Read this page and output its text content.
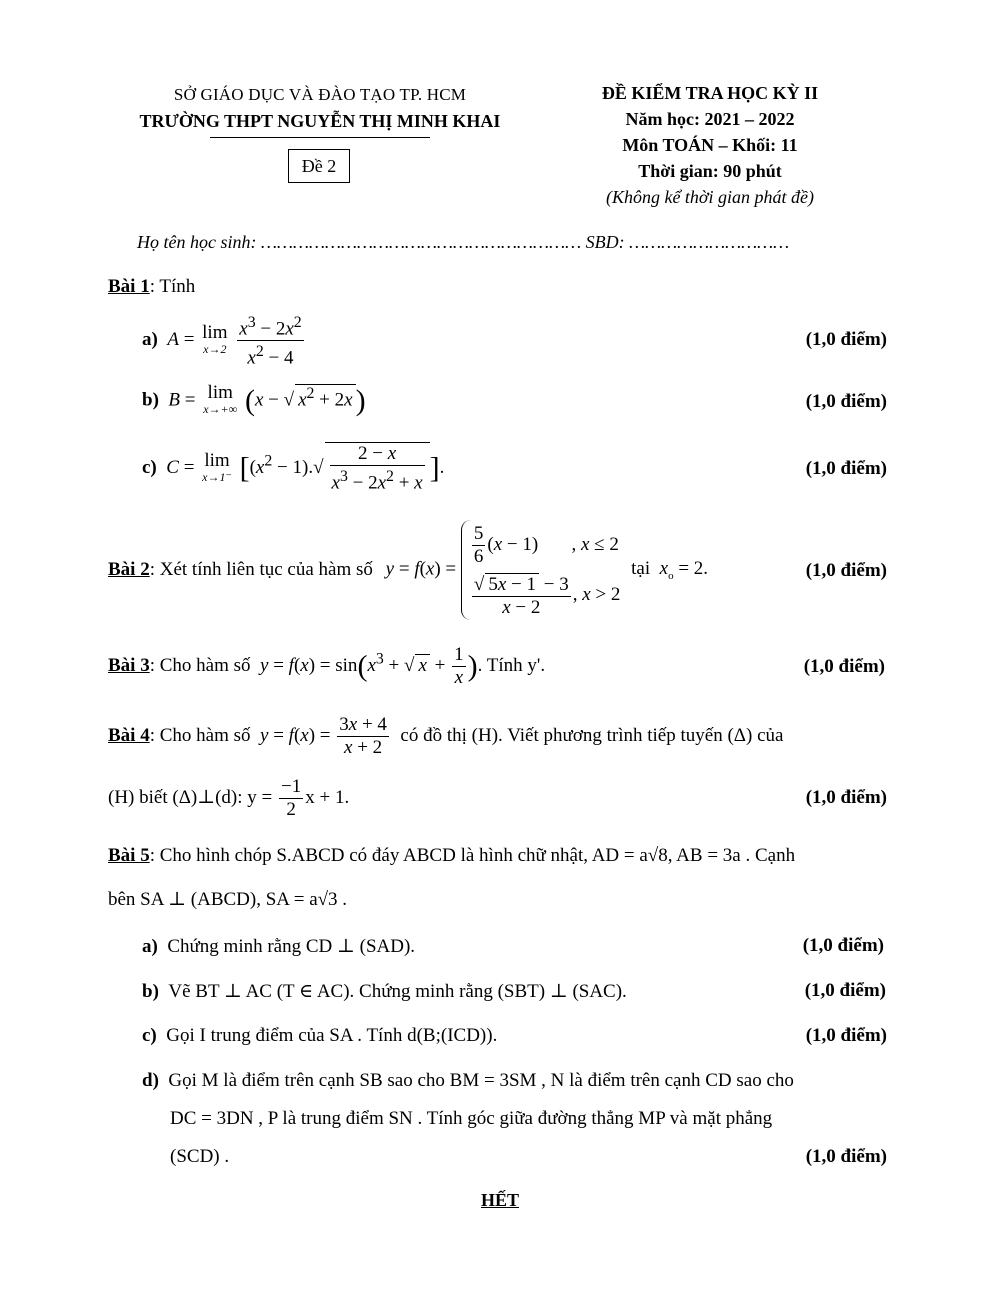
SỞ GIÁO DỤC VÀ ĐÀO TẠO TP. HCM
TRƯỜNG THPT NGUYỄN THỊ MINH KHAI
Đề 2
ĐỀ KIỂM TRA HỌC KỲ II
Năm học: 2021 – 2022
Môn TOÁN – Khối: 11
Thời gian: 90 phút
(Không kể thời gian phát đề)
Họ tên học sinh: …………………………………………………… SBD: …………………………
Bài 1: Tính
a) A = lim
x→2
$\frac{x^3 - 2x^2}{x^2 - 4}$	(1,0 điểm)
b) B = lim
x→+∞ (x − √ $x^2 + 2x$ )	(1,0 điểm)
c) C = lim
x→1⁻ [$(x^2 - 1).√ \frac{2 - x}{x^3 - 2x^2 + x}$ ].	(1,0 điểm)
Bài 2: Xét tính liên tục của hàm số y = f(x) =
$\frac{5}{6} (x - 1)$       , x ≤ 2
$\frac{√ 5x - 1 - 3}{x - 2}$ , x > 2
tại $x_o = 2$.	(1,0 điểm)
Bài 3: Cho hàm số $y = f(x) = \sin(x^3$ + √ $x + \frac{1}{x}$ ). Tính y'.	(1,0 điểm)
Bài 4: Cho hàm số $y = f(x) = \frac{3x + 4}{x + 2}$ có đồ thị (H). Viết phương trình tiếp tuyến (Δ) của
(H) biết (Δ)⊥(d): $y = \frac{-1}{2}$ x + 1.	(1,0 điểm)
Bài 5: Cho hình chóp S.ABCD có đáy ABCD là hình chữ nhật, AD = a√8, AB = 3a . Cạnh
bên SA ⊥ (ABCD), SA = a√3 .
a) Chứng minh rằng CD ⊥ (SAD).	(1,0 điểm)
b) Vẽ BT ⊥ AC (T ∈ AC). Chứng minh rằng (SBT) ⊥ (SAC).	(1,0 điểm)
c) Gọi I trung điểm của SA . Tính d(B;(ICD)).	(1,0 điểm)
d) Gọi M là điểm trên cạnh SB sao cho BM = 3SM , N là điểm trên cạnh CD sao cho
DC = 3DN , P là trung điểm SN . Tính góc giữa đường thẳng MP và mặt phẳng
(SCD) .	(1,0 điểm)
HẾT
